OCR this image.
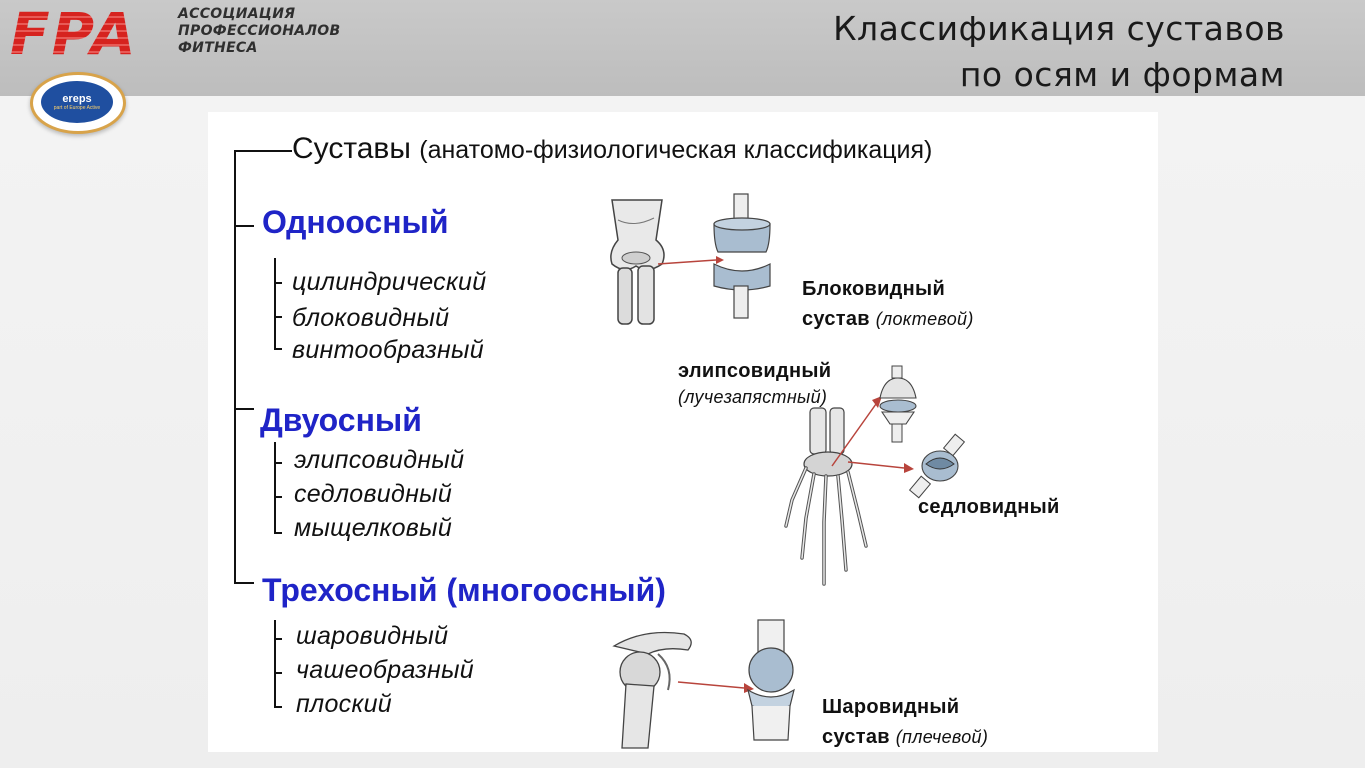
FPA	АССОЦИАЦИЯ
ПРОФЕССИОНАЛОВ
ФИТНЕСА	Классификация суставов
по осям и формам
ereps
part of Europe Active
Суставы (анатомо-физиологическая классификация)
Одноосный
цилиндрический
блоковидный
винтообразный
Двуосный
элипсовидный
седловидный
мыщелковый
Трехосный (многоосный)
шаровидный
чашеобразный
плоский
Блоковидный
сустав (локтевой)
элипсовидный
(лучезапястный)
седловидный
Шаровидный
сустав (плечевой)
